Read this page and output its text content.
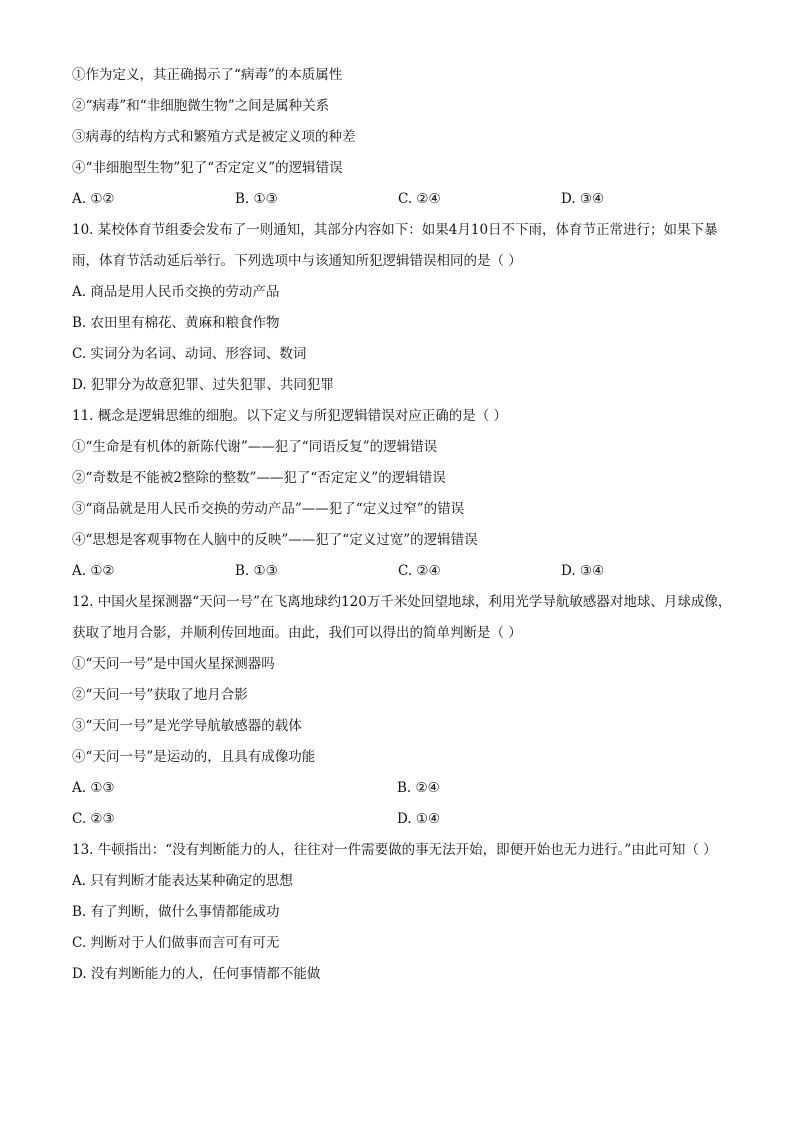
①作为定义，其正确揭示了“病毒”的本质属性
②“病毒”和“非细胞微生物”之间是属种关系
③病毒的结构方式和繁殖方式是被定义项的种差
④“非细胞型生物”犯了“否定定义”的逻辑错误
A. ①②	B. ①③	C. ②④	D. ③④
10. 某校体育节组委会发布了一则通知，其部分内容如下：如果4月10日不下雨，体育节正常进行；如果下暴雨，体育节活动延后举行。下列选项中与该通知所犯逻辑错误相同的是（ ）
A. 商品是用人民币交换的劳动产品
B. 农田里有棉花、黄麻和粮食作物
C. 实词分为名词、动词、形容词、数词
D. 犯罪分为故意犯罪、过失犯罪、共同犯罪
11. 概念是逻辑思维的细胞。以下定义与所犯逻辑错误对应正确的是（ ）
①“生命是有机体的新陈代谢”——犯了“同语反复”的逻辑错误
②“奇数是不能被2整除的整数”——犯了“否定定义”的逻辑错误
③“商品就是用人民币交换的劳动产品”——犯了“定义过窄”的错误
④“思想是客观事物在人脑中的反映”——犯了“定义过宽”的逻辑错误
A. ①②	B. ①③	C. ②④	D. ③④
12. 中国火星探测器“天问一号”在飞离地球约120万千米处回望地球，利用光学导航敏感器对地球、月球成像，获取了地月合影，并顺利传回地面。由此，我们可以得出的简单判断是（ ）
①“天问一号”是中国火星探测器吗
②“天问一号”获取了地月合影
③“天问一号”是光学导航敏感器的载体
④“天问一号”是运动的，且具有成像功能
A. ①③	B. ②④
C. ②③	D. ①④
13. 牛顿指出：“没有判断能力的人，往往对一件需要做的事无法开始，即便开始也无力进行。”由此可知（ ）
A. 只有判断才能表达某种确定的思想
B. 有了判断，做什么事情都能成功
C. 判断对于人们做事而言可有可无
D. 没有判断能力的人，任何事情都不能做
